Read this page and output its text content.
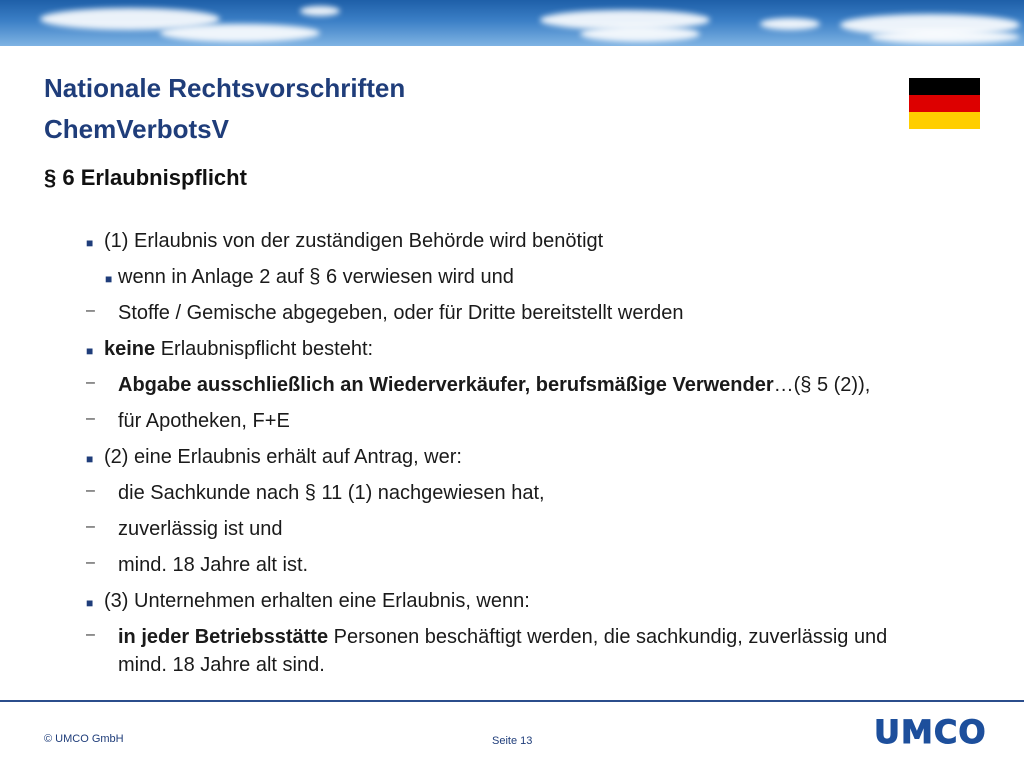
Nationale Rechtsvorschriften
ChemVerbotsV
§ 6 Erlaubnispflicht
■ (1) Erlaubnis von der zuständigen Behörde wird benötigt
■ wenn in Anlage 2 auf § 6 verwiesen wird und
– Stoffe / Gemische abgegeben, oder für Dritte bereitstellt werden
■ keine Erlaubnispflicht besteht:
– Abgabe ausschließlich an Wiederverkäufer, berufsmäßige Verwender…(§ 5 (2)),
– für Apotheken, F+E
■ (2) eine Erlaubnis erhält auf Antrag, wer:
– die Sachkunde nach § 11 (1) nachgewiesen hat,
– zuverlässig ist und
– mind. 18 Jahre alt ist.
■ (3) Unternehmen erhalten eine Erlaubnis, wenn:
– in jeder Betriebsstätte Personen beschäftigt werden, die sachkundig, zuverlässig und
mind. 18 Jahre alt sind.
© UMCO GmbH	Seite 13	UMCO
